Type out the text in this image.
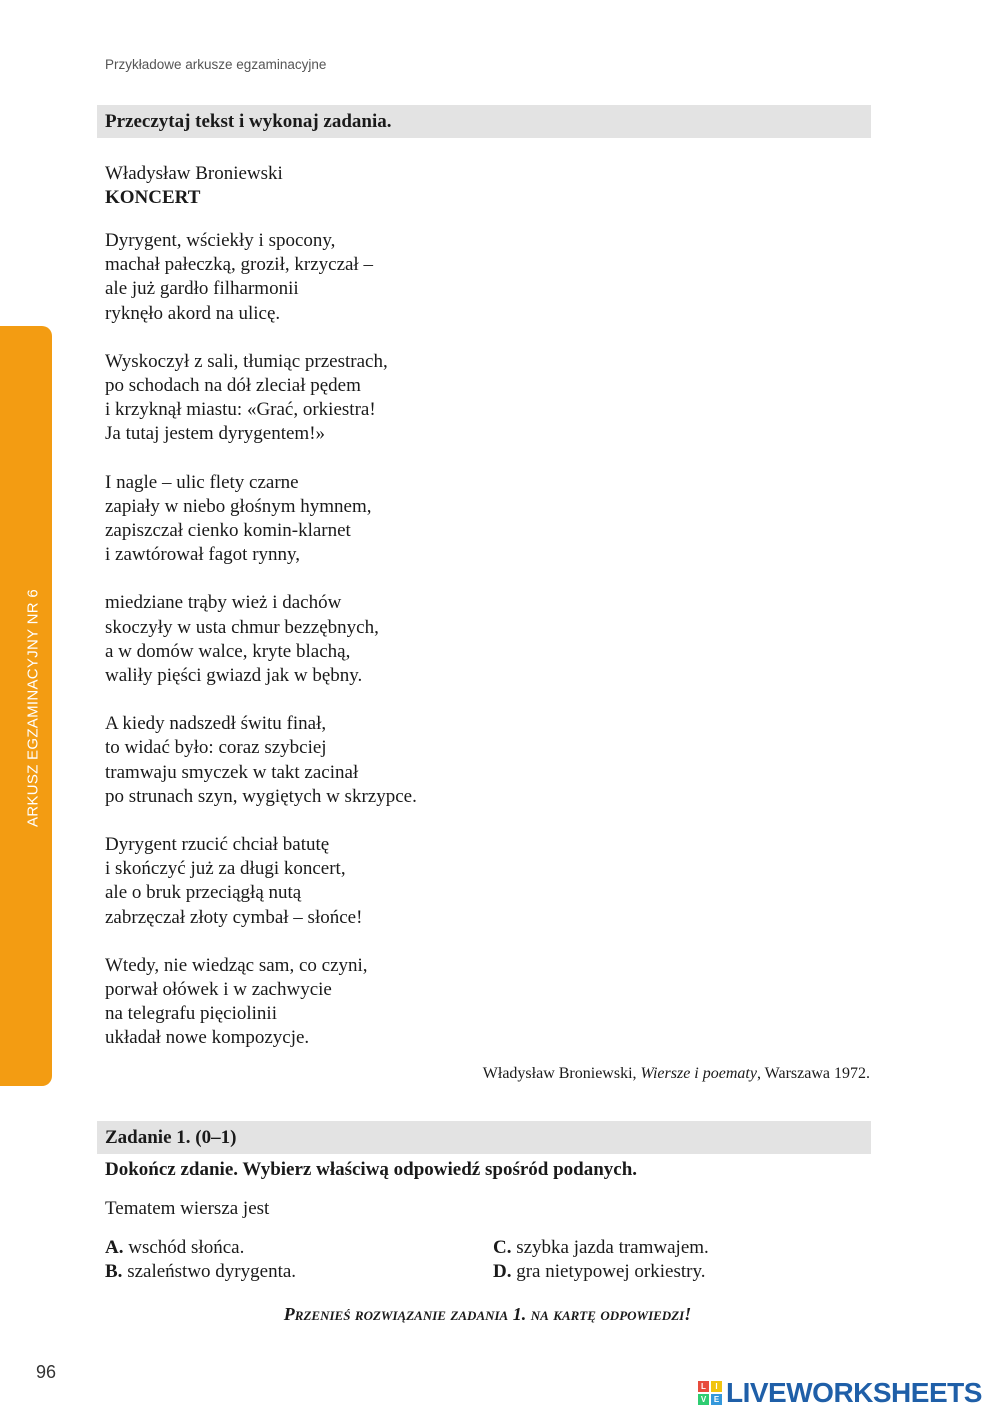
Przykładowe arkusze egzaminacyjne
Przeczytaj tekst i wykonaj zadania.
Władysław Broniewski
KONCERT
Dyrygent, wściekły i spocony,
machał pałeczką, groził, krzyczał –
ale już gardło filharmonii
ryknęło akord na ulicę.
Wyskoczył z sali, tłumiąc przestrach,
po schodach na dół zleciał pędem
i krzyknął miastu: «Grać, orkiestra!
Ja tutaj jestem dyrygentem!»
I nagle – ulic flety czarne
zapiały w niebo głośnym hymnem,
zapiszczał cienko komin-klarnet
i zawtórował fagot rynny,
miedziane trąby wież i dachów
skoczyły w usta chmur bezzębnych,
a w domów walce, kryte blachą,
waliły pięści gwiazd jak w bębny.
A kiedy nadszedł świtu finał,
to widać było: coraz szybciej
tramwaju smyczek w takt zacinał
po strunach szyn, wygiętych w skrzypce.
Dyrygent rzucić chciał batutę
i skończyć już za długi koncert,
ale o bruk przeciągłą nutą
zabrzęczał złoty cymbał – słońce!
Wtedy, nie wiedząc sam, co czyni,
porwał ołówek i w zachwycie
na telegrafu pięciolinii
układał nowe kompozycje.
Władysław Broniewski, Wiersze i poematy, Warszawa 1972.
Zadanie 1. (0–1)
Dokończ zdanie. Wybierz właściwą odpowiedź spośród podanych.
Tematem wiersza jest
A. wschód słońca.
B. szaleństwo dyrygenta.
C. szybka jazda tramwajem.
D. gra nietypowej orkiestry.
Przenieś rozwiązanie zadania 1. na kartę odpowiedzi!
ARKUSZ EGZAMINACYJNY NR 6
96
L	I
V E LIVEWORKSHEETS
